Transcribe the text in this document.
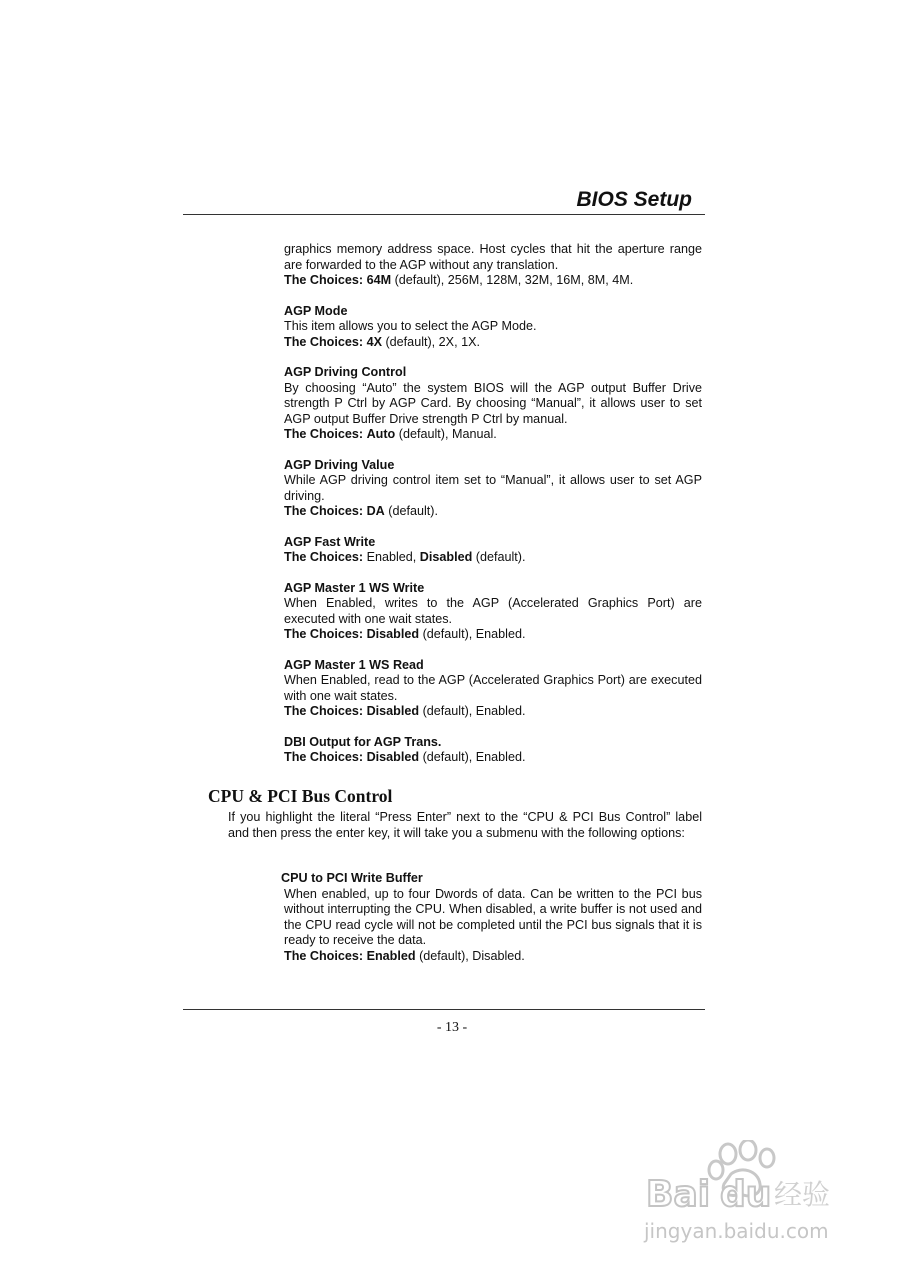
BIOS Setup

graphics memory address space. Host cycles that hit the aperture range are forwarded to the AGP without any translation.

The Choices: 64M (default), 256M, 128M, 32M, 16M, 8M, 4M.

AGP Mode

This item allows you to select the AGP Mode.

The Choices: 4X (default), 2X, 1X.

AGP Driving Control

By choosing “Auto” the system BIOS will the AGP output Buffer Drive strength P Ctrl by AGP Card. By choosing “Manual”, it allows user to set AGP output Buffer Drive strength P Ctrl by manual.

The Choices: Auto (default), Manual.

AGP Driving Value

While AGP driving control item set to “Manual”, it allows user to set AGP driving.

The Choices: DA (default).

AGP Fast Write

The Choices: Enabled, Disabled (default).

AGP Master 1 WS Write

When Enabled, writes to the AGP (Accelerated Graphics Port) are executed with one wait states.

The Choices: Disabled (default), Enabled.

AGP Master 1 WS Read

When Enabled, read to the AGP (Accelerated Graphics Port) are executed with one wait states.

The Choices: Disabled (default), Enabled.

DBI Output for AGP Trans.

The Choices: Disabled (default), Enabled.

CPU & PCI Bus Control

If you highlight the literal “Press Enter” next to the “CPU & PCI Bus Control” label and then press the enter key, it will take you a submenu with the following options:

CPU to PCI Write Buffer

When enabled, up to four Dwords of data. Can be written to the PCI bus without interrupting the CPU. When disabled, a write buffer is not used and the CPU read cycle will not be completed until the PCI bus signals that it is ready to receive the data.

The Choices: Enabled (default), Disabled.

- 13 -

Bai du 经验
jingyan.baidu.com
